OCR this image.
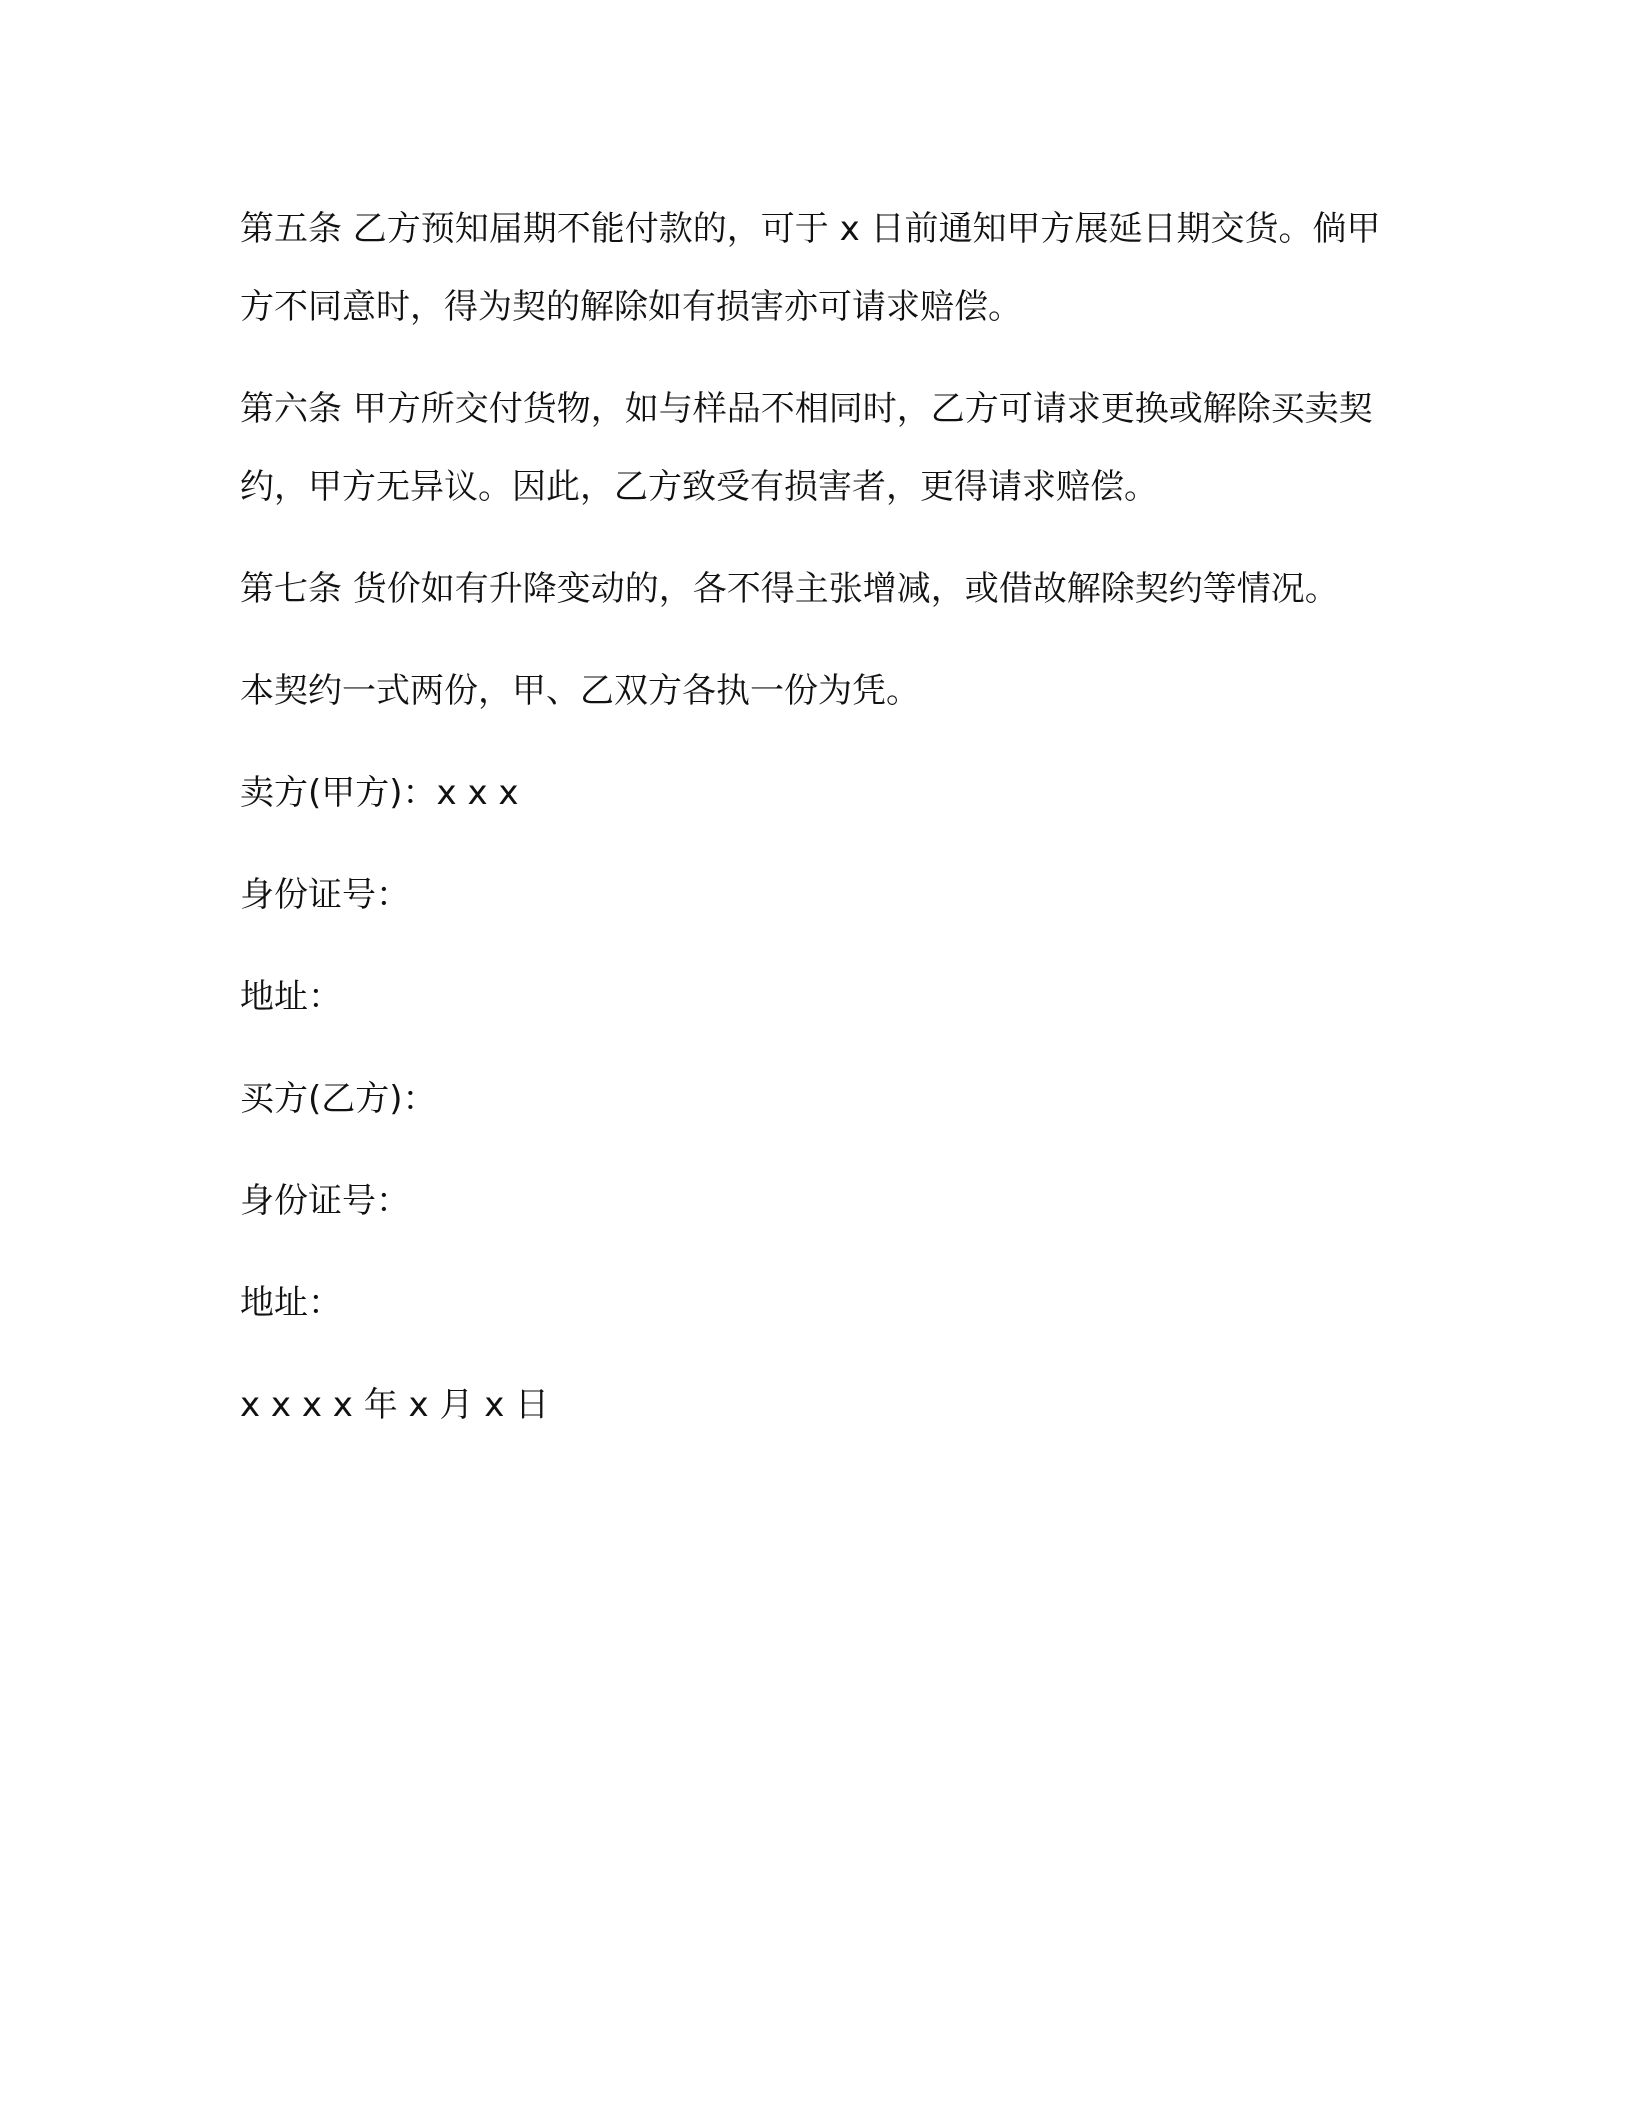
第五条 乙方预知届期不能付款的，可于 x 日前通知甲方展延日期交货。倘甲方不同意时，得为契的解除如有损害亦可请求赔偿。

第六条 甲方所交付货物，如与样品不相同时，乙方可请求更换或解除买卖契约，甲方无异议。因此，乙方致受有损害者，更得请求赔偿。

第七条 货价如有升降变动的，各不得主张增减，或借故解除契约等情况。

本契约一式两份，甲、乙双方各执一份为凭。

卖方(甲方)：x x x

身份证号：

地址：

买方(乙方)：

身份证号：

地址：

x x x x 年 x 月 x 日
